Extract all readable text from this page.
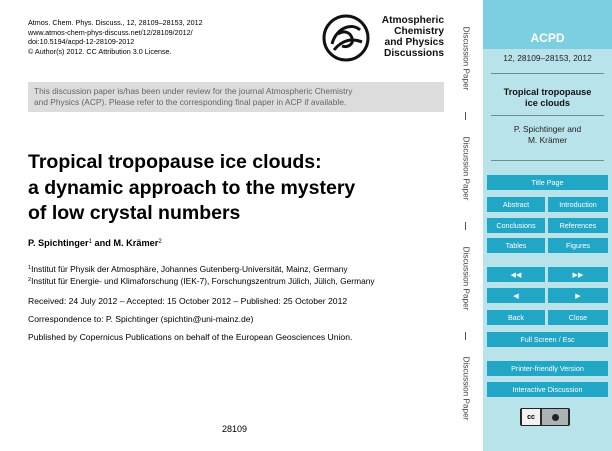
Atmos. Chem. Phys. Discuss., 12, 28109–28153, 2012
www.atmos-chem-phys-discuss.net/12/28109/2012/
doi:10.5194/acpd-12-28109-2012
© Author(s) 2012. CC Attribution 3.0 License.
Atmospheric
Chemistry
and Physics
Discussions
This discussion paper is/has been under review for the journal Atmospheric Chemistry
and Physics (ACP). Please refer to the corresponding final paper in ACP if available.
Tropical tropopause ice clouds:
a dynamic approach to the mystery
of low crystal numbers
P. Spichtinger$^1$ and M. Krämer$^2$
$^1$Institut für Physik der Atmosphäre, Johannes Gutenberg-Universität, Mainz, Germany
$^2$Institut für Energie- und Klimaforschung (IEK-7), Forschungszentrum Jülich, Jülich, Germany
Received: 24 July 2012 – Accepted: 15 October 2012 – Published: 25 October 2012
Correspondence to: P. Spichtinger (spichtin@uni-mainz.de)
Published by Copernicus Publications on behalf of the European Geosciences Union.
28109
Discussion Paper
Discussion Paper
Discussion Paper
Discussion Paper
ACPD
12, 28109–28153, 2012
Tropical tropopause
ice clouds
P. Spichtinger and
M. Krämer
Title Page
Abstract	Introduction
Conclusions	References
Tables	Figures
◀◀	▶▶
◀	▶
Back	Close
Full Screen / Esc
Printer-friendly Version
Interactive Discussion
cc
